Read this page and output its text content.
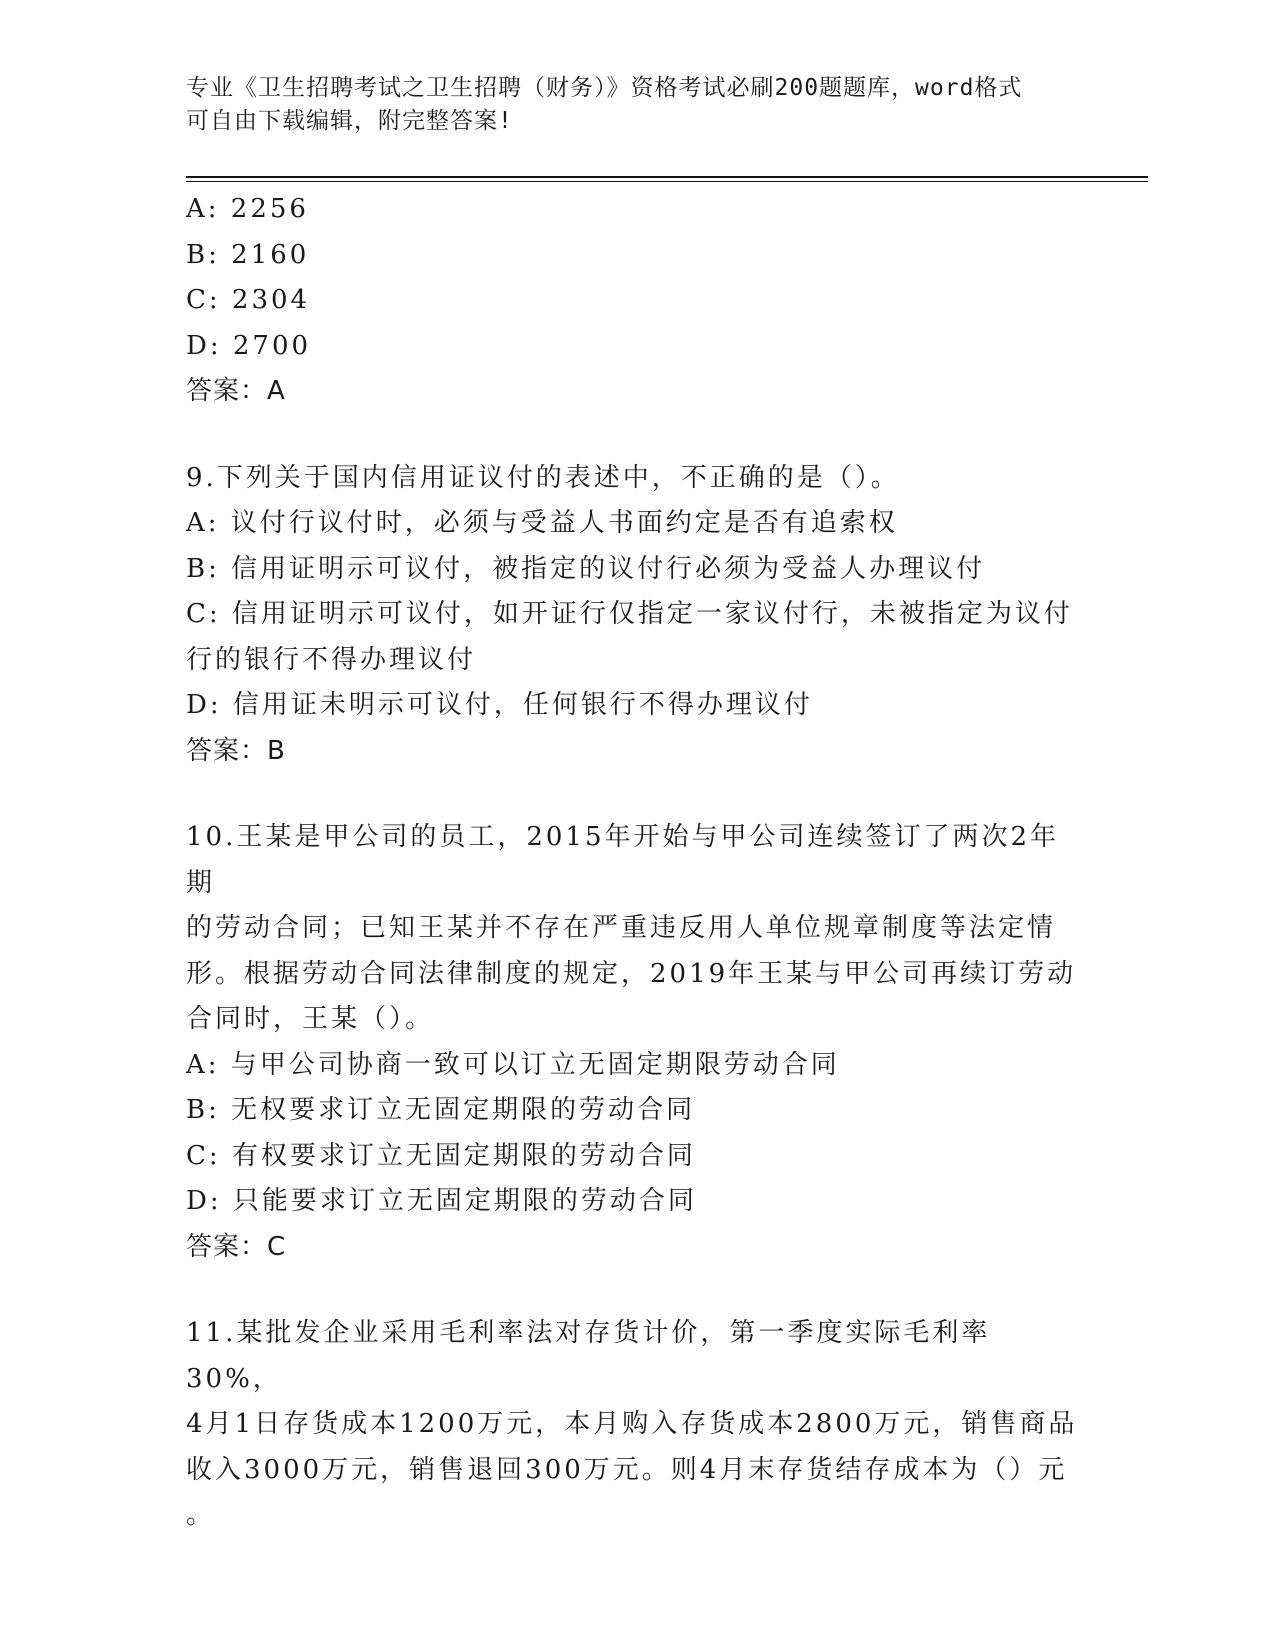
专业《卫生招聘考试之卫生招聘（财务）》资格考试必刷200题题库，word格式
可自由下载编辑，附完整答案!

A: 2256

B: 2160

C: 2304

D: 2700

答案：A

9.下列关于国内信用证议付的表述中，不正确的是（）。

A: 议付行议付时，必须与受益人书面约定是否有追索权

B: 信用证明示可议付，被指定的议付行必须为受益人办理议付

C: 信用证明示可议付，如开证行仅指定一家议付行，未被指定为议付

行的银行不得办理议付

D: 信用证未明示可议付，任何银行不得办理议付

答案：B

10.王某是甲公司的员工，2015年开始与甲公司连续签订了两次2年期

的劳动合同；已知王某并不存在严重违反用人单位规章制度等法定情

形。根据劳动合同法律制度的规定，2019年王某与甲公司再续订劳动

合同时，王某（）。

A: 与甲公司协商一致可以订立无固定期限劳动合同

B: 无权要求订立无固定期限的劳动合同

C: 有权要求订立无固定期限的劳动合同

D: 只能要求订立无固定期限的劳动合同

答案：C

11.某批发企业采用毛利率法对存货计价，第一季度实际毛利率30%，

4月1日存货成本1200万元，本月购入存货成本2800万元，销售商品

收入3000万元，销售退回300万元。则4月末存货结存成本为（）元

。
